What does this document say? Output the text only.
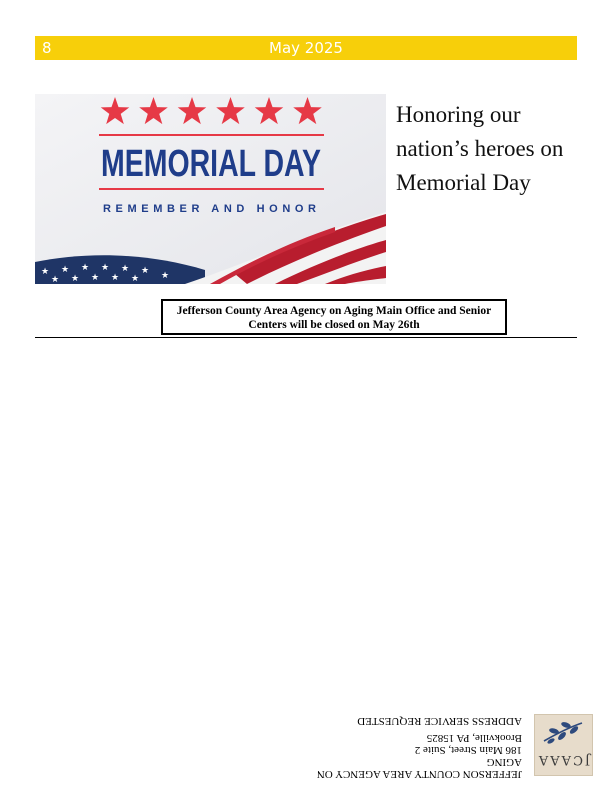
8	May 2025
MEMORIAL DAY
REMEMBER AND HONOR
★ ★ ★ ★ ★ ★
★ ★ ★ ★ ★ ★
Honoring our nation’s heroes on Memorial Day
Jefferson County Area Agency on Aging Main Office and Senior
Centers will be closed on May 26th
JCAAA
JEFFERSON COUNTY AREA AGENCY ON AGING
186 Main Street, Suite 2
Brookville, PA 15825
ADDRESS SERVICE REQUESTED
